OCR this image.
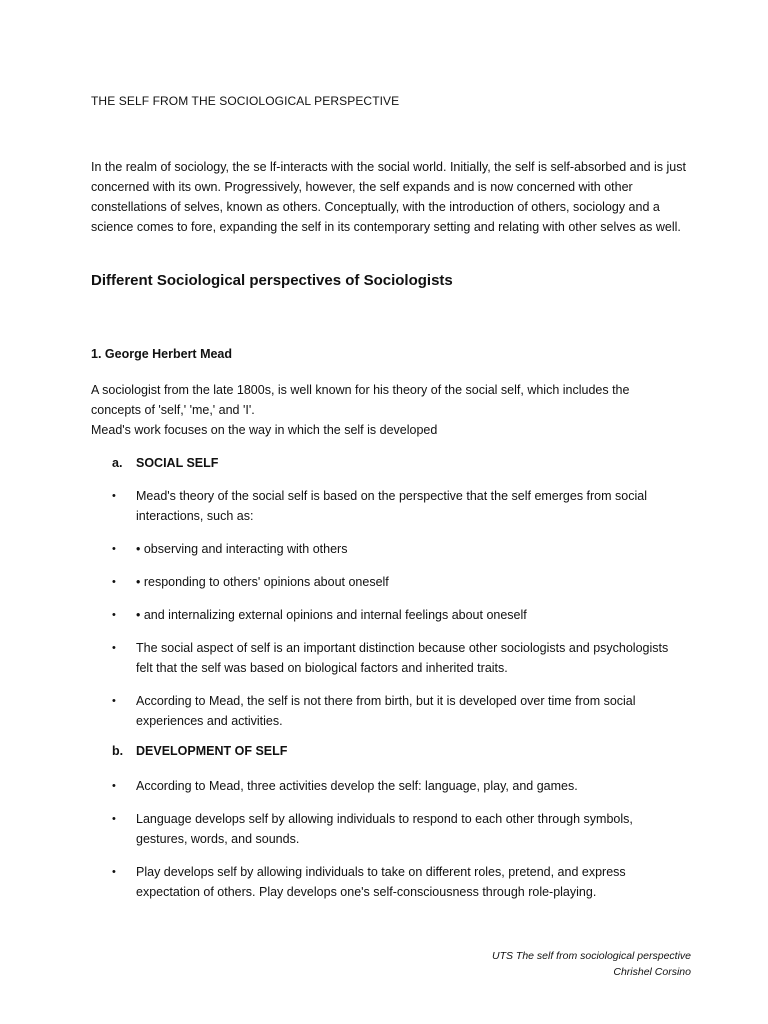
THE SELF FROM THE SOCIOLOGICAL PERSPECTIVE
In the realm of sociology, the se lf-interacts with the social world. Initially, the self is self-absorbed and is just concerned with its own. Progressively, however, the self expands and is now concerned with other constellations of selves, known as others. Conceptually, with the introduction of others, sociology and a science comes to fore, expanding the self in its contemporary setting and relating with other selves as well.
Different Sociological perspectives of Sociologists
1. George Herbert Mead
A sociologist from the late 1800s, is well known for his theory of the social self, which includes the concepts of 'self,' 'me,' and 'I'.
Mead's work focuses on the way in which the self is developed
a. SOCIAL SELF
•	Mead's theory of the social self is based on the perspective that the self emerges from social interactions, such as:
•	• observing and interacting with others
•	• responding to others' opinions about oneself
•	• and internalizing external opinions and internal feelings about oneself
•	The social aspect of self is an important distinction because other sociologists and psychologists felt that the self was based on biological factors and inherited traits.
•	According to Mead, the self is not there from birth, but it is developed over time from social experiences and activities.
b. DEVELOPMENT OF SELF
•	According to Mead, three activities develop the self: language, play, and games.
•	Language develops self by allowing individuals to respond to each other through symbols, gestures, words, and sounds.
•	Play develops self by allowing individuals to take on different roles, pretend, and express expectation of others. Play develops one's self-consciousness through role-playing.
UTS The self from sociological perspective
Chrishel Corsino
